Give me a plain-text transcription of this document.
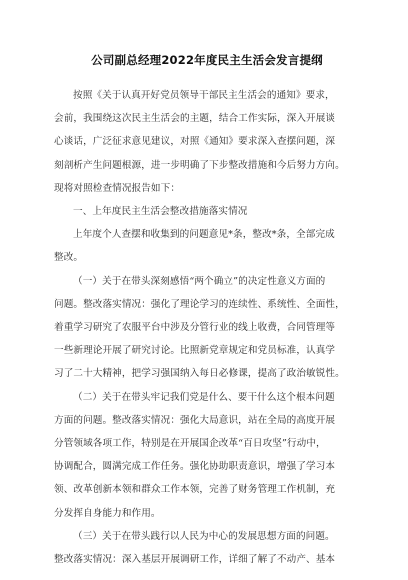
公司副总经理2022年度民主生活会发言提纲
按照《关于认真开好党员领导干部民主生活会的通知》要求，
会前，我围绕这次民主生活会的主题，结合工作实际，深入开展谈
心谈话，广泛征求意见建议，对照《通知》要求深入查摆问题，深
刻剖析产生问题根源，进一步明确了下步整改措施和今后努力方向。
现将对照检查情况报告如下：
一、上年度民主生活会整改措施落实情况
上年度个人查摆和收集到的问题意见*条，整改*条，全部完成
整改。
（一）关于在带头深刻感悟“两个确立”的决定性意义方面的
问题。整改落实情况：强化了理论学习的连续性、系统性、全面性，
着重学习研究了农服平台中涉及分管行业的线上收费，合同管理等
一些新理论开展了研究讨论。比照新党章规定和党员标准，认真学
习了二十大精神，把学习强国纳入每日必修课，提高了政治敏锐性。
（二）关于在带头牢记我们党是什么、要干什么这个根本问题
方面的问题。整改落实情况：强化大局意识，站在全局的高度开展
分管领域各项工作，特别是在开展国企改革“百日攻坚”行动中，
协调配合，圆满完成工作任务。强化协助职责意识，增强了学习本
领、改革创新本领和群众工作本领，完善了财务管理工作机制，充
分发挥自身能力和作用。
（三）关于在带头践行以人民为中心的发展思想方面的问题。
整改落实情况：深入基层开展调研工作，详细了解了不动产、基本
